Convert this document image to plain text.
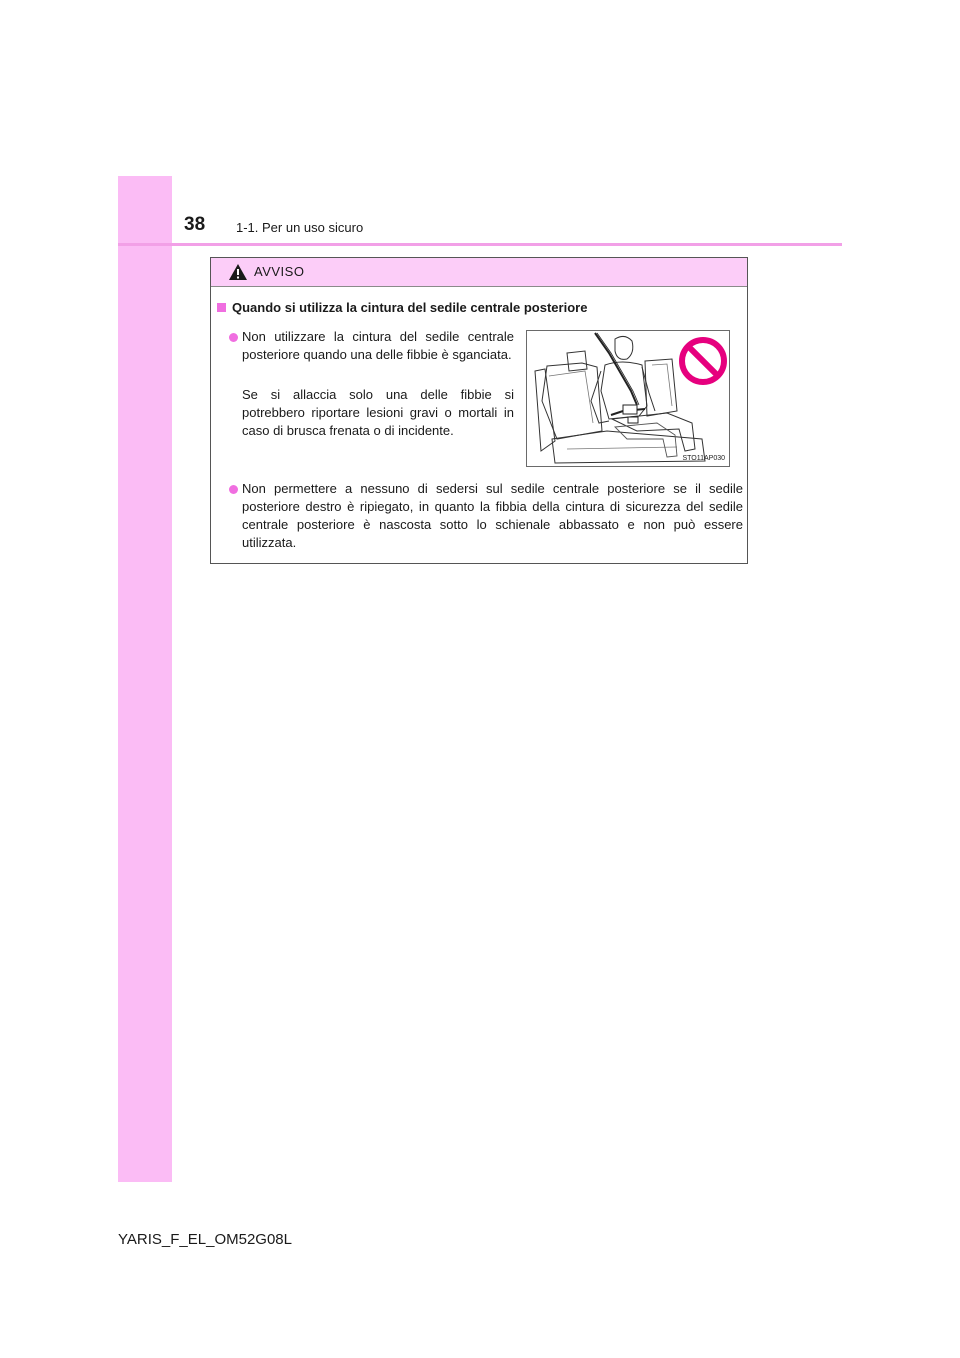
38 1-1. Per un uso sicuro
AVVISO
Quando si utilizza la cintura del sedile centrale posteriore
Non utilizzare la cintura del sedile centrale posteriore quando una delle fibbie è sganciata.
Se si allaccia solo una delle fibbie si potrebbero riportare lesioni gravi o mortali in caso di brusca frenata o di incidente.
STO11AP030
Non permettere a nessuno di sedersi sul sedile centrale posteriore se il sedile posteriore destro è ripiegato, in quanto la fibbia della cintura di sicurezza del sedile centrale posteriore è nascosta sotto lo schienale abbassato e non può essere utilizzata.
YARIS_F_EL_OM52G08L
